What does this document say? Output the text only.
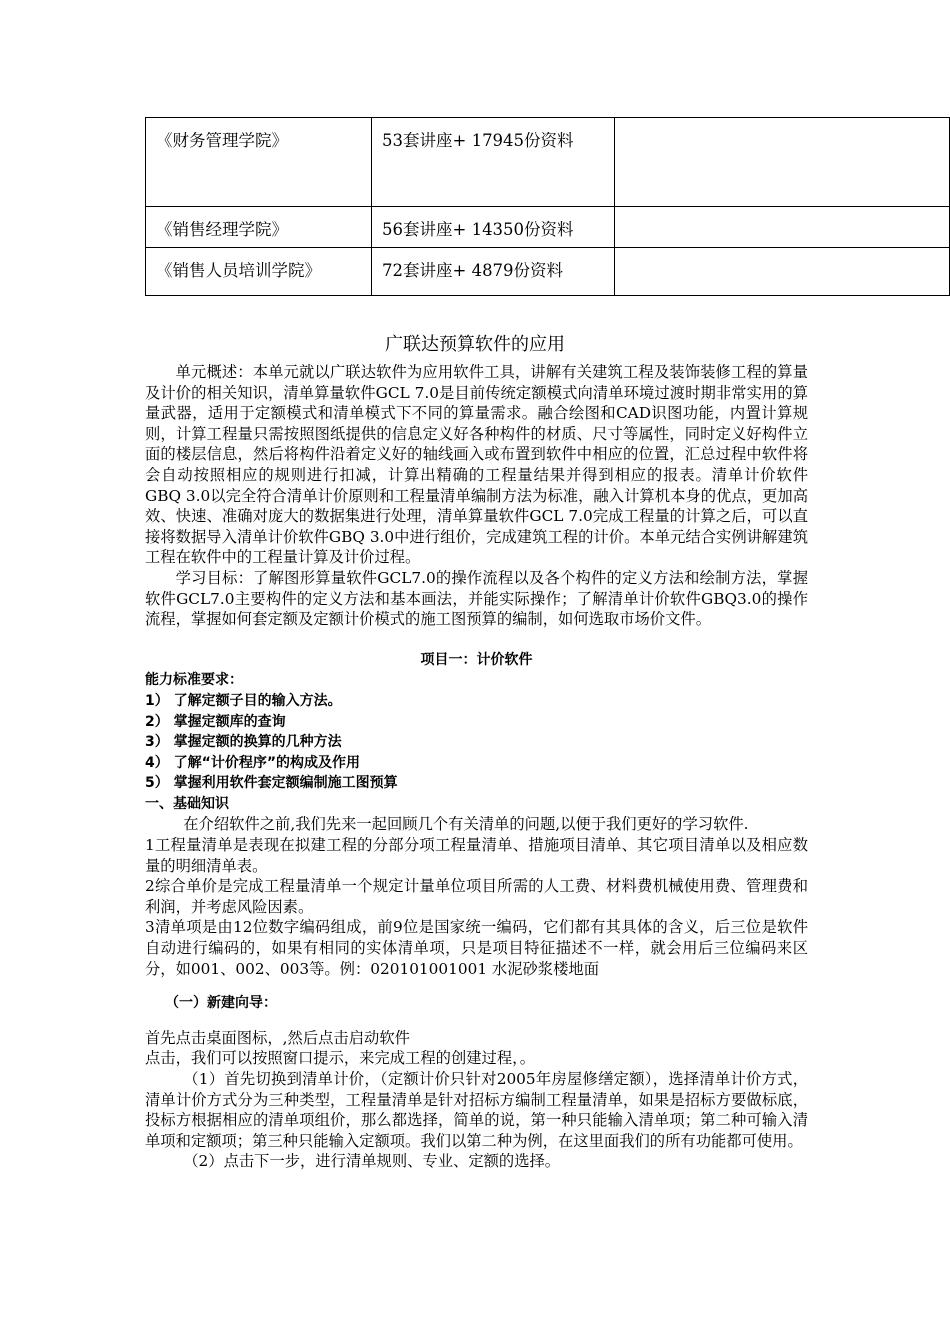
《财务管理学院》	53套讲座+ 17945份资料	
《销售经理学院》	56套讲座+ 14350份资料	
《销售人员培训学院》	72套讲座+ 4879份资料	
广联达预算软件的应用

单元概述：本单元就以广联达软件为应用软件工具，讲解有关建筑工程及装饰装修工程的算量及计价的相关知识，清单算量软件GCL 7.0是目前传统定额模式向清单环境过渡时期非常实用的算量武器，适用于定额模式和清单模式下不同的算量需求。融合绘图和CAD识图功能，内置计算规则，计算工程量只需按照图纸提供的信息定义好各种构件的材质、尺寸等属性，同时定义好构件立面的楼层信息，然后将构件沿着定义好的轴线画入或布置到软件中相应的位置，汇总过程中软件将会自动按照相应的规则进行扣减，计算出精确的工程量结果并得到相应的报表。清单计价软件GBQ 3.0以完全符合清单计价原则和工程量清单编制方法为标准，融入计算机本身的优点，更加高效、快速、准确对庞大的数据集进行处理，清单算量软件GCL 7.0完成工程量的计算之后，可以直接将数据导入清单计价软件GBQ 3.0中进行组价，完成建筑工程的计价。本单元结合实例讲解建筑工程在软件中的工程量计算及计价过程。

学习目标：了解图形算量软件GCL7.0的操作流程以及各个构件的定义方法和绘制方法，掌握软件GCL7.0主要构件的定义方法和基本画法，并能实际操作；了解清单计价软件GBQ3.0的操作流程，掌握如何套定额及定额计价模式的施工图预算的编制，如何选取市场价文件。

项目一：计价软件

能力标准要求：

1） 了解定额子目的输入方法。

2） 掌握定额库的查询

3） 掌握定额的换算的几种方法

4） 了解“计价程序”的构成及作用

5） 掌握利用软件套定额编制施工图预算

一、基础知识

在介绍软件之前,我们先来一起回顾几个有关清单的问题,以便于我们更好的学习软件.

1工程量清单是表现在拟建工程的分部分项工程量清单、措施项目清单、其它项目清单以及相应数量的明细清单表。

2综合单价是完成工程量清单一个规定计量单位项目所需的人工费、材料费机械使用费、管理费和利润，并考虑风险因素。

3清单项是由12位数字编码组成，前9位是国家统一编码，它们都有其具体的含义，后三位是软件自动进行编码的，如果有相同的实体清单项，只是项目特征描述不一样，就会用后三位编码来区分，如001、002、003等。例：020101001001 水泥砂浆楼地面

（一）新建向导：

首先点击桌面图标，,然后点击启动软件

点击，我们可以按照窗口提示，来完成工程的创建过程，。

（1）首先切换到清单计价，（定额计价只针对2005年房屋修缮定额），选择清单计价方式，清单计价方式分为三种类型，工程量清单是针对招标方编制工程量清单，如果是招标方要做标底，投标方根据相应的清单项组价，那么都选择，简单的说，第一种只能输入清单项；第二种可输入清单项和定额项；第三种只能输入定额项。我们以第二种为例，在这里面我们的所有功能都可使用。

（2）点击下一步，进行清单规则、专业、定额的选择。
